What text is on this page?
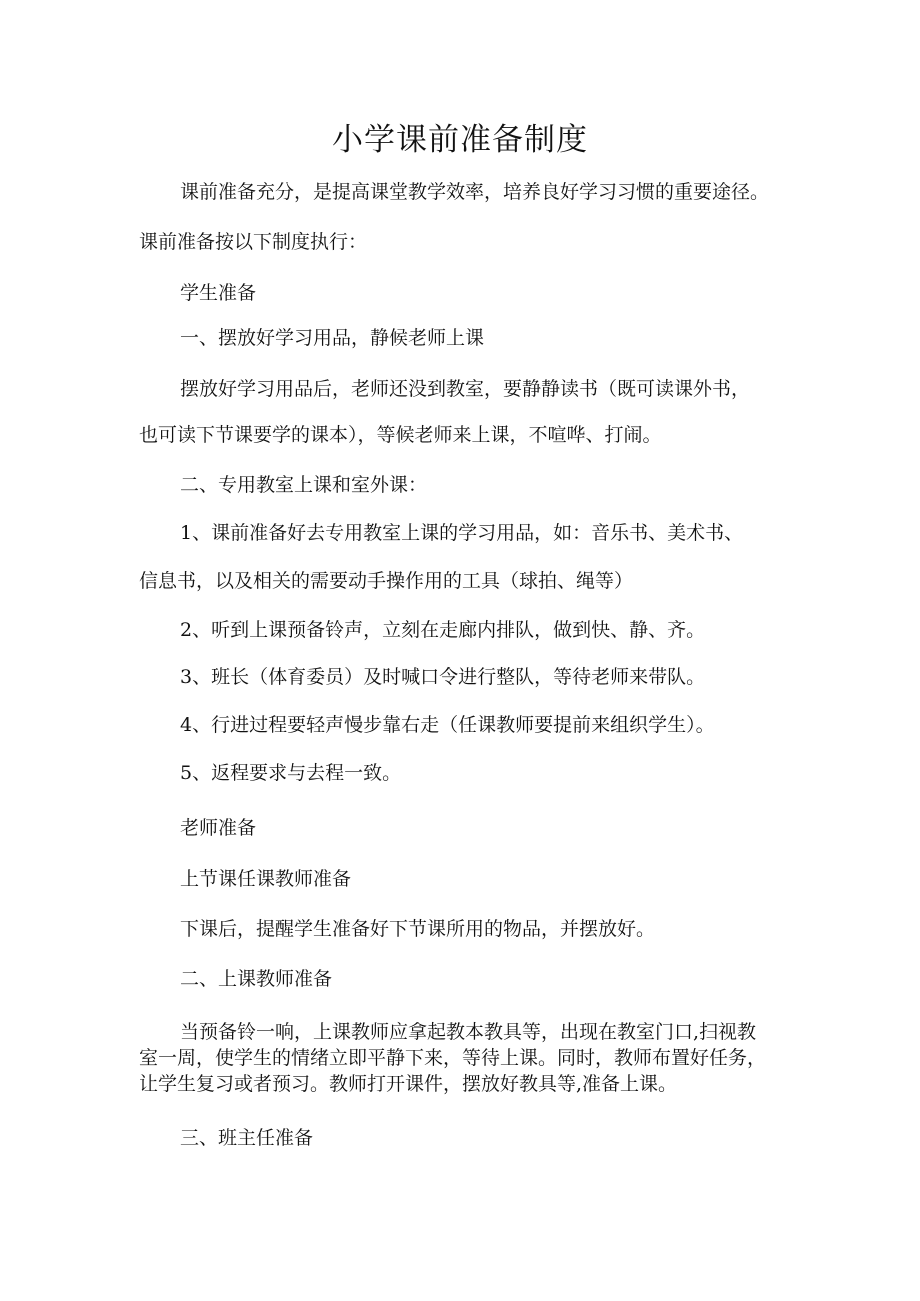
小学课前准备制度

课前准备充分，是提高课堂教学效率，培养良好学习习惯的重要途径。

课前准备按以下制度执行：

学生准备

一、摆放好学习用品，静候老师上课

摆放好学习用品后，老师还没到教室，要静静读书（既可读课外书，

也可读下节课要学的课本），等候老师来上课，不喧哗、打闹。

二、专用教室上课和室外课：

1、课前准备好去专用教室上课的学习用品，如：音乐书、美术书、

信息书，以及相关的需要动手操作用的工具（球拍、绳等）

2、听到上课预备铃声，立刻在走廊内排队，做到快、静、齐。

3、班长（体育委员）及时喊口令进行整队，等待老师来带队。

4、行进过程要轻声慢步靠右走（任课教师要提前来组织学生）。

5、返程要求与去程一致。

老师准备

上节课任课教师准备

下课后，提醒学生准备好下节课所用的物品，并摆放好。

二、上课教师准备

当预备铃一响，上课教师应拿起教本教具等，出现在教室门口,扫视教

室一周，使学生的情绪立即平静下来，等待上课。同时，教师布置好任务，

让学生复习或者预习。教师打开课件，摆放好教具等,准备上课。

三、班主任准备
